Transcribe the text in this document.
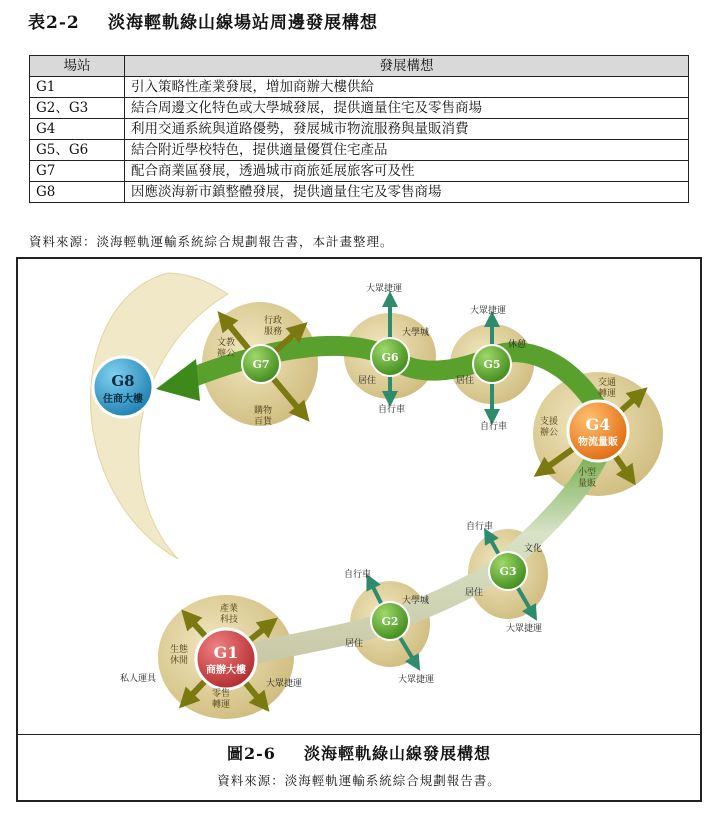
表2-2 淡海輕軌綠山線場站周邊發展構想
場站	發展構想
G1	引入策略性產業發展，增加商辦大樓供給
G2、G3	結合周邊文化特色或大學城發展，提供適量住宅及零售商場
G4	利用交通系統與道路優勢，發展城市物流服務與量販消費
G5、G6	結合附近學校特色，提供適量優質住宅產品
G7	配合商業區發展，透過城市商旅延展旅客可及性
G8	因應淡海新市鎮整體發展，提供適量住宅及零售商場
資料來源：淡海輕軌運輸系統綜合規劃報告書，本計畫整理。
G8
住商大樓
G7
G6
G5
G4
物流量販
G3
G2
G1
商辦大樓
行政
服務
文教
辦公
購物
百貨
大眾捷運
大學城
居住
自行車
大眾捷運
休憩
居住
自行車
交通
轉運
支援
辦公
小型
量販
自行車
文化
居住
大眾捷運
自行車
大學城
居住
大眾捷運
產業
科技
生態
休閒
私人運具
零售
轉運
大眾捷運
圖2-6 淡海輕軌綠山線發展構想
資料來源：淡海輕軌運輸系統綜合規劃報告書。
